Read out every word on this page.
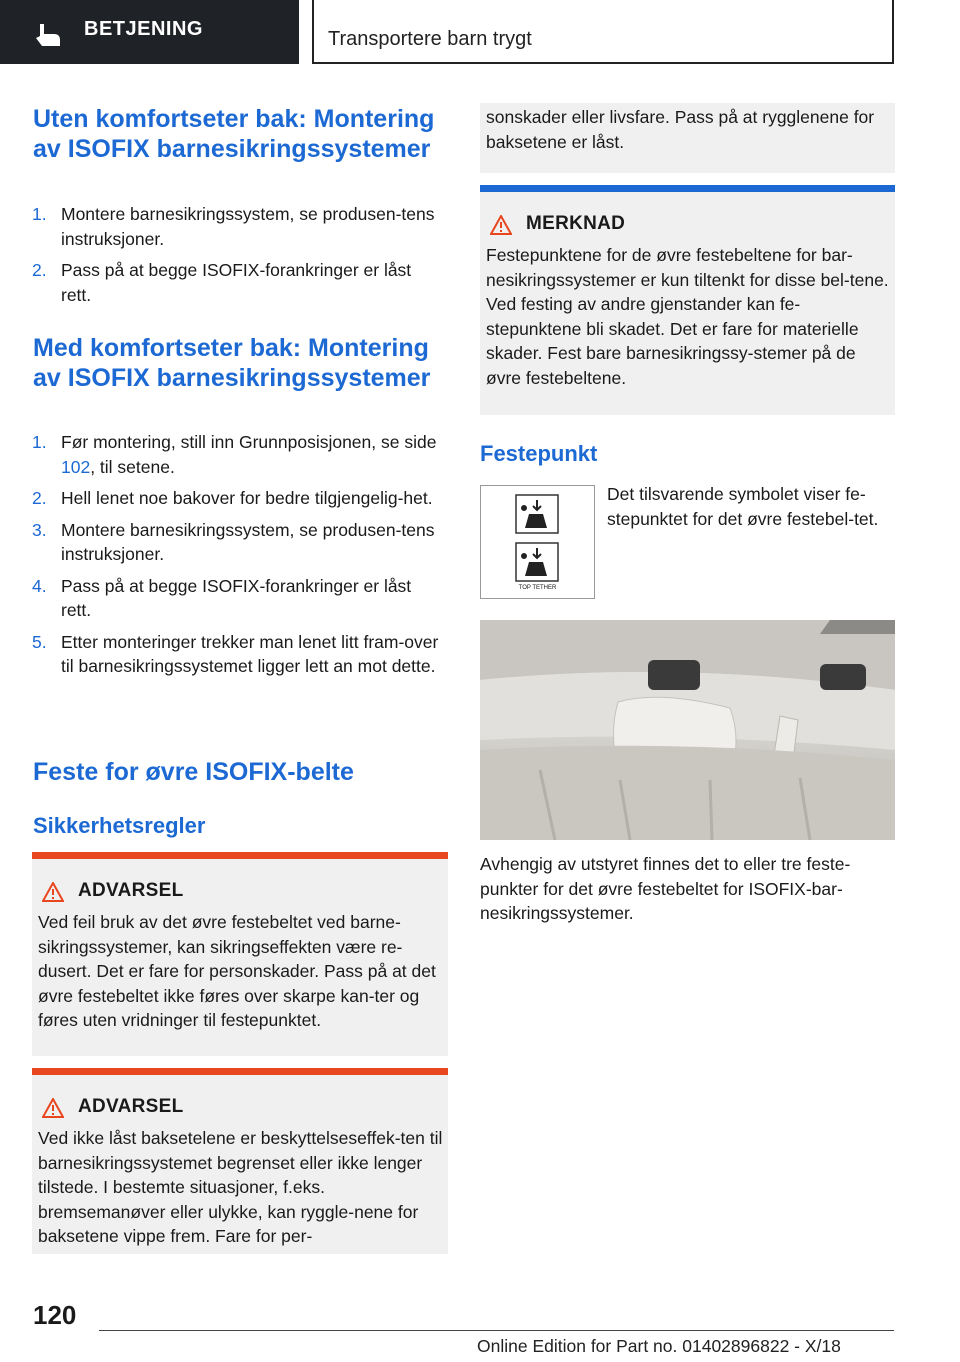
BETJENING	Transportere barn trygt
Uten komfortseter bak: Montering av ISOFIX barnesikringssystemer
1. Montere barnesikringssystem, se produsen-tens instruksjoner.
2. Pass på at begge ISOFIX-forankringer er låst rett.
Med komfortseter bak: Montering av ISOFIX barnesikringssystemer
1. Før montering, still inn Grunnposisjonen, se side 102, til setene.
2. Hell lenet noe bakover for bedre tilgjengelig-het.
3. Montere barnesikringssystem, se produsen-tens instruksjoner.
4. Pass på at begge ISOFIX-forankringer er låst rett.
5. Etter monteringer trekker man lenet litt fram-over til barnesikringssystemet ligger lett an mot dette.
Feste for øvre ISOFIX-belte
Sikkerhetsregler
ADVARSEL
Ved feil bruk av det øvre festebeltet ved barne-sikringssystemer, kan sikringseffekten være re-dusert. Det er fare for personskader. Pass på at det øvre festebeltet ikke føres over skarpe kan-ter og føres uten vridninger til festepunktet.
ADVARSEL
Ved ikke låst baksetelene er beskyttelseseffek-ten til barnesikringssystemet begrenset eller ikke lenger tilstede. I bestemte situasjoner, f.eks. bremsemanøver eller ulykke, kan ryggle-nene for baksetene vippe frem. Fare for per-
sonskader eller livsfare. Pass på at rygglenene for baksetene er låst.
MERKNAD
Festepunktene for de øvre festebeltene for bar-nesikringssystemer er kun tiltenkt for disse bel-tene. Ved festing av andre gjenstander kan fe-stepunktene bli skadet. Det er fare for materielle skader. Fest bare barnesikringssy-stemer på de øvre festebeltene.
Festepunkt
TOP TETHER
Det tilsvarende symbolet viser fe-stepunktet for det øvre festebel-tet.
Avhengig av utstyret finnes det to eller tre feste-punkter for det øvre festebeltet for ISOFIX-bar-nesikringssystemer.
120
Online Edition for Part no. 01402896822 - X/18
